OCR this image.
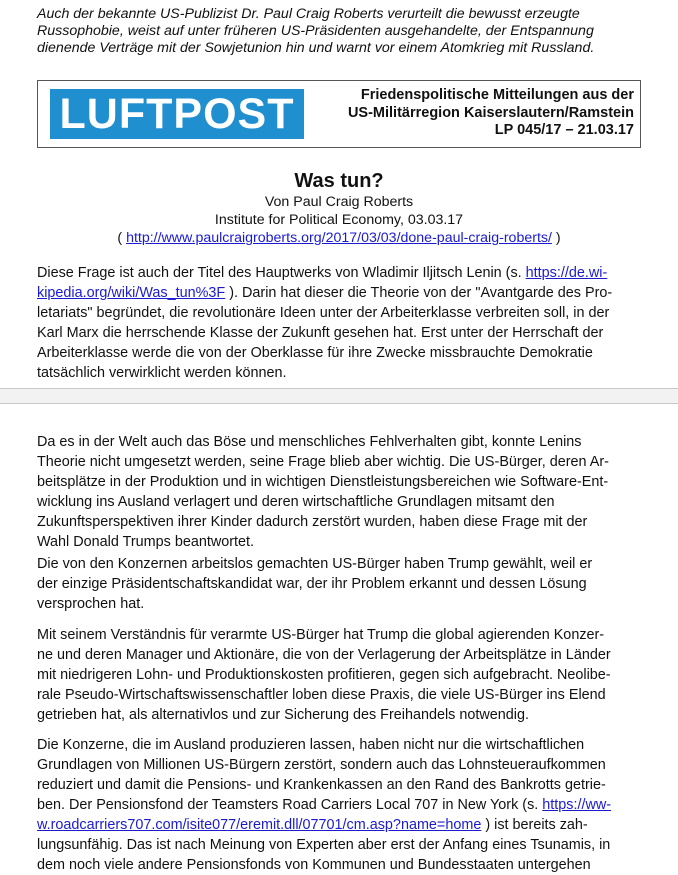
Auch der bekannte US-Publizist Dr. Paul Craig Roberts verurteilt die bewusst erzeugte
Russophobie, weist auf unter früheren US-Präsidenten ausgehandelte, der Entspannung
dienende Verträge mit der Sowjetunion hin und warnt vor einem Atomkrieg mit Russland.
LUFTPOST	Friedenspolitische Mitteilungen aus der
US-Militärregion Kaiserslautern/Ramstein
LP 045/17 – 21.03.17
Was tun?
Von Paul Craig Roberts
Institute for Political Economy, 03.03.17
( http://www.paulcraigroberts.org/2017/03/03/done-paul-craig-roberts/ )
Diese Frage ist auch der Titel des Hauptwerks von Wladimir Iljitsch Lenin (s. https://de.wi-
kipedia.org/wiki/Was_tun%3F ). Darin hat dieser die Theorie von der "Avantgarde des Pro-
letariats" begründet, die revolutionäre Ideen unter der Arbeiterklasse verbreiten soll, in der
Karl Marx die herrschende Klasse der Zukunft gesehen hat. Erst unter der Herrschaft der
Arbeiterklasse werde die von der Oberklasse für ihre Zwecke missbrauchte Demokratie
tatsächlich verwirklicht werden können.
Da es in der Welt auch das Böse und menschliches Fehlverhalten gibt, konnte Lenins
Theorie nicht umgesetzt werden, seine Frage blieb aber wichtig. Die US-Bürger, deren Ar-
beitsplätze in der Produktion und in wichtigen Dienstleistungsbereichen wie Software-Ent-
wicklung ins Ausland verlagert und deren wirtschaftliche Grundlagen mitsamt den
Zukunftsperspektiven ihrer Kinder dadurch zerstört wurden, haben diese Frage mit der
Wahl Donald Trumps beantwortet.
Die von den Konzernen arbeitslos gemachten US-Bürger haben Trump gewählt, weil er
der einzige Präsidentschaftskandidat war, der ihr Problem erkannt und dessen Lösung
versprochen hat.
Mit seinem Verständnis für verarmte US-Bürger hat Trump die global agierenden Konzer-
ne und deren Manager und Aktionäre, die von der Verlagerung der Arbeitsplätze in Länder
mit niedrigeren Lohn- und Produktionskosten profitieren, gegen sich aufgebracht. Neolibe-
rale Pseudo-Wirtschaftswissenschaftler loben diese Praxis, die viele US-Bürger ins Elend
getrieben hat, als alternativlos und zur Sicherung des Freihandels notwendig.
Die Konzerne, die im Ausland produzieren lassen, haben nicht nur die wirtschaftlichen
Grundlagen von Millionen US-Bürgern zerstört, sondern auch das Lohnsteueraufkommen
reduziert und damit die Pensions- und Krankenkassen an den Rand des Bankrotts getrie-
ben. Der Pensionsfond der Teamsters Road Carriers Local 707 in New York (s. https://ww-
w.roadcarriers707.com/isite077/eremit.dll/07701/cm.asp?name=home ) ist bereits zah-
lungsunfähig. Das ist nach Meinung von Experten aber erst der Anfang eines Tsunamis, in
dem noch viele andere Pensionsfonds von Kommunen und Bundesstaaten untergehen
